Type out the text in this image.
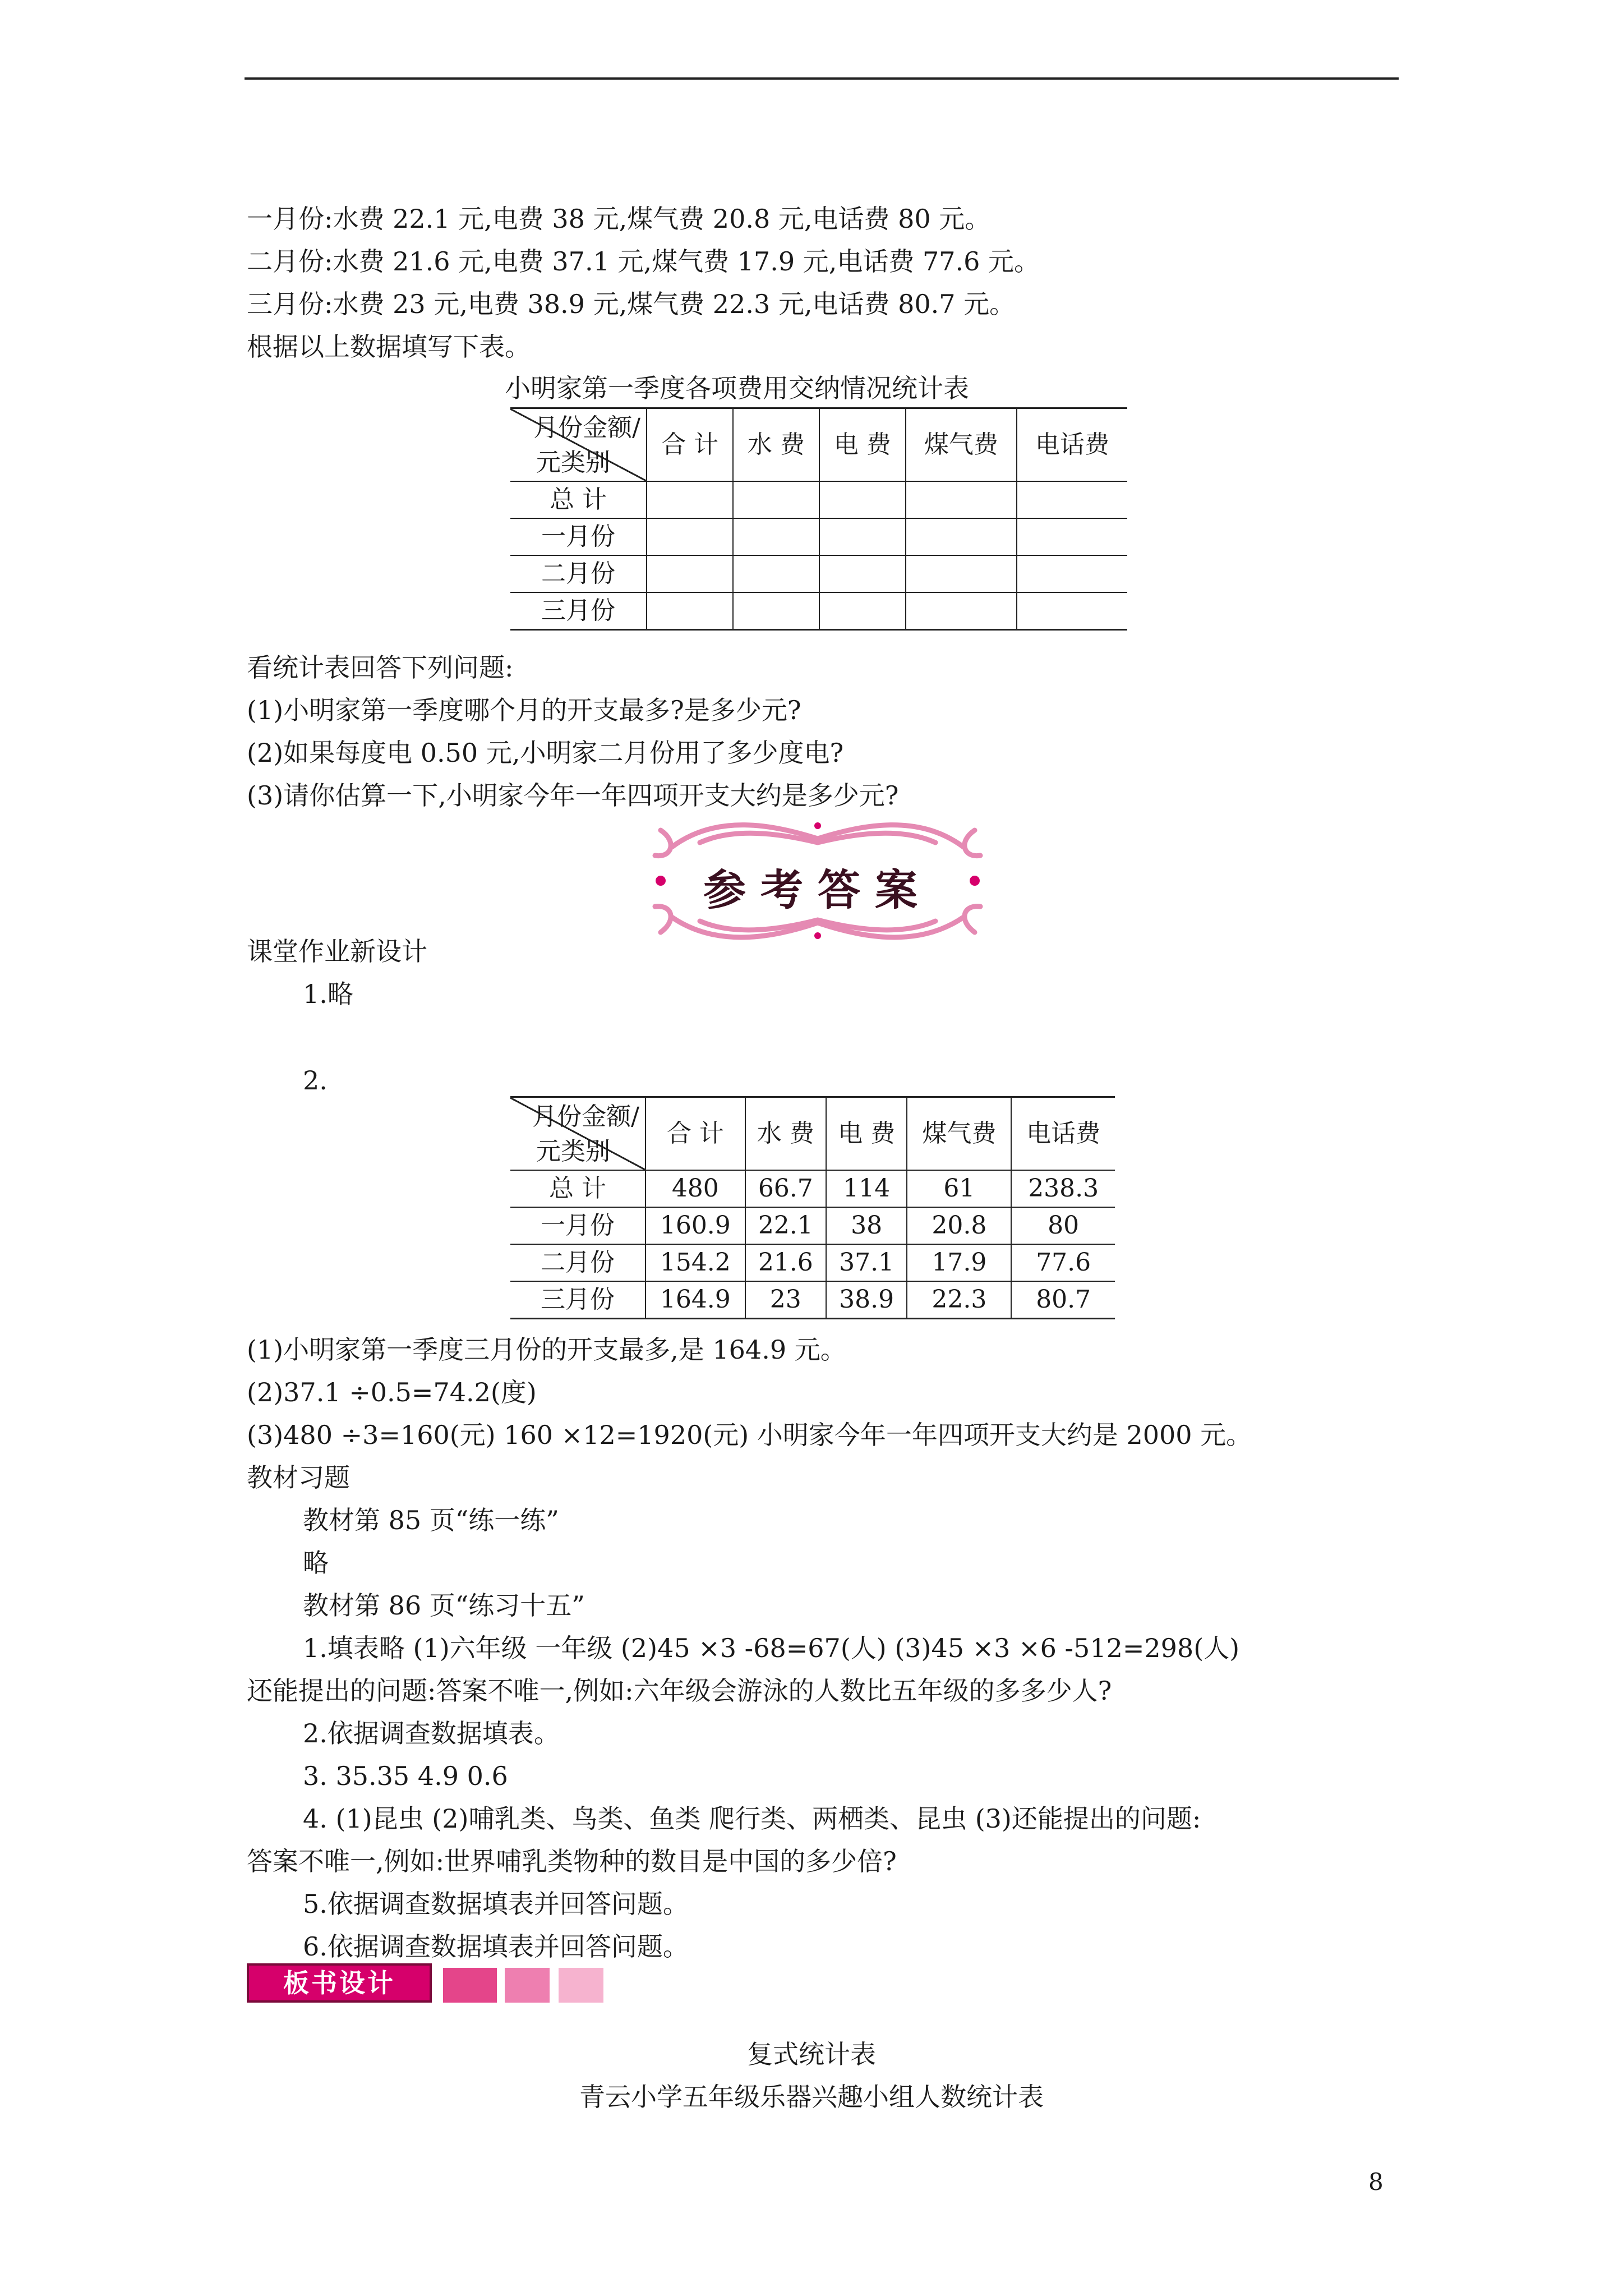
一月份:水费 22.1 元,电费 38 元,煤气费 20.8 元,电话费 80 元。
二月份:水费 21.6 元,电费 37.1 元,煤气费 17.9 元,电话费 77.6 元。
三月份:水费 23 元,电费 38.9 元,煤气费 22.3 元,电话费 80.7 元。
根据以上数据填写下表。
小明家第一季度各项费用交纳情况统计表
月份金额/
元类别	合 计	水 费	电 费	煤气费	电话费
总 计					
一月份					
二月份					
三月份					
看统计表回答下列问题:
(1)小明家第一季度哪个月的开支最多?是多少元?
(2)如果每度电 0.50 元,小明家二月份用了多少度电?
(3)请你估算一下,小明家今年一年四项开支大约是多少元?
参考答案
课堂作业新设计
1.略
2.
月份金额/
元类别	合 计	水 费	电 费	煤气费	电话费
总 计	480	66.7	114	61	238.3
一月份	160.9	22.1	38	20.8	80
二月份	154.2	21.6	37.1	17.9	77.6
三月份	164.9	23	38.9	22.3	80.7
(1)小明家第一季度三月份的开支最多,是 164.9 元。
(2)37.1 ÷0.5=74.2(度)
(3)480 ÷3=160(元) 160 ×12=1920(元) 小明家今年一年四项开支大约是 2000 元。
教材习题
教材第 85 页“练一练”
略
教材第 86 页“练习十五”
1.填表略 (1)六年级 一年级 (2)45 ×3 -68=67(人) (3)45 ×3 ×6 -512=298(人)
还能提出的问题:答案不唯一,例如:六年级会游泳的人数比五年级的多多少人?
2.依据调查数据填表。
3. 35.35 4.9 0.6
4. (1)昆虫 (2)哺乳类、鸟类、鱼类 爬行类、两栖类、昆虫 (3)还能提出的问题:
答案不唯一,例如:世界哺乳类物种的数目是中国的多少倍?
5.依据调查数据填表并回答问题。
6.依据调查数据填表并回答问题。
板书设计
复式统计表
青云小学五年级乐器兴趣小组人数统计表
8
